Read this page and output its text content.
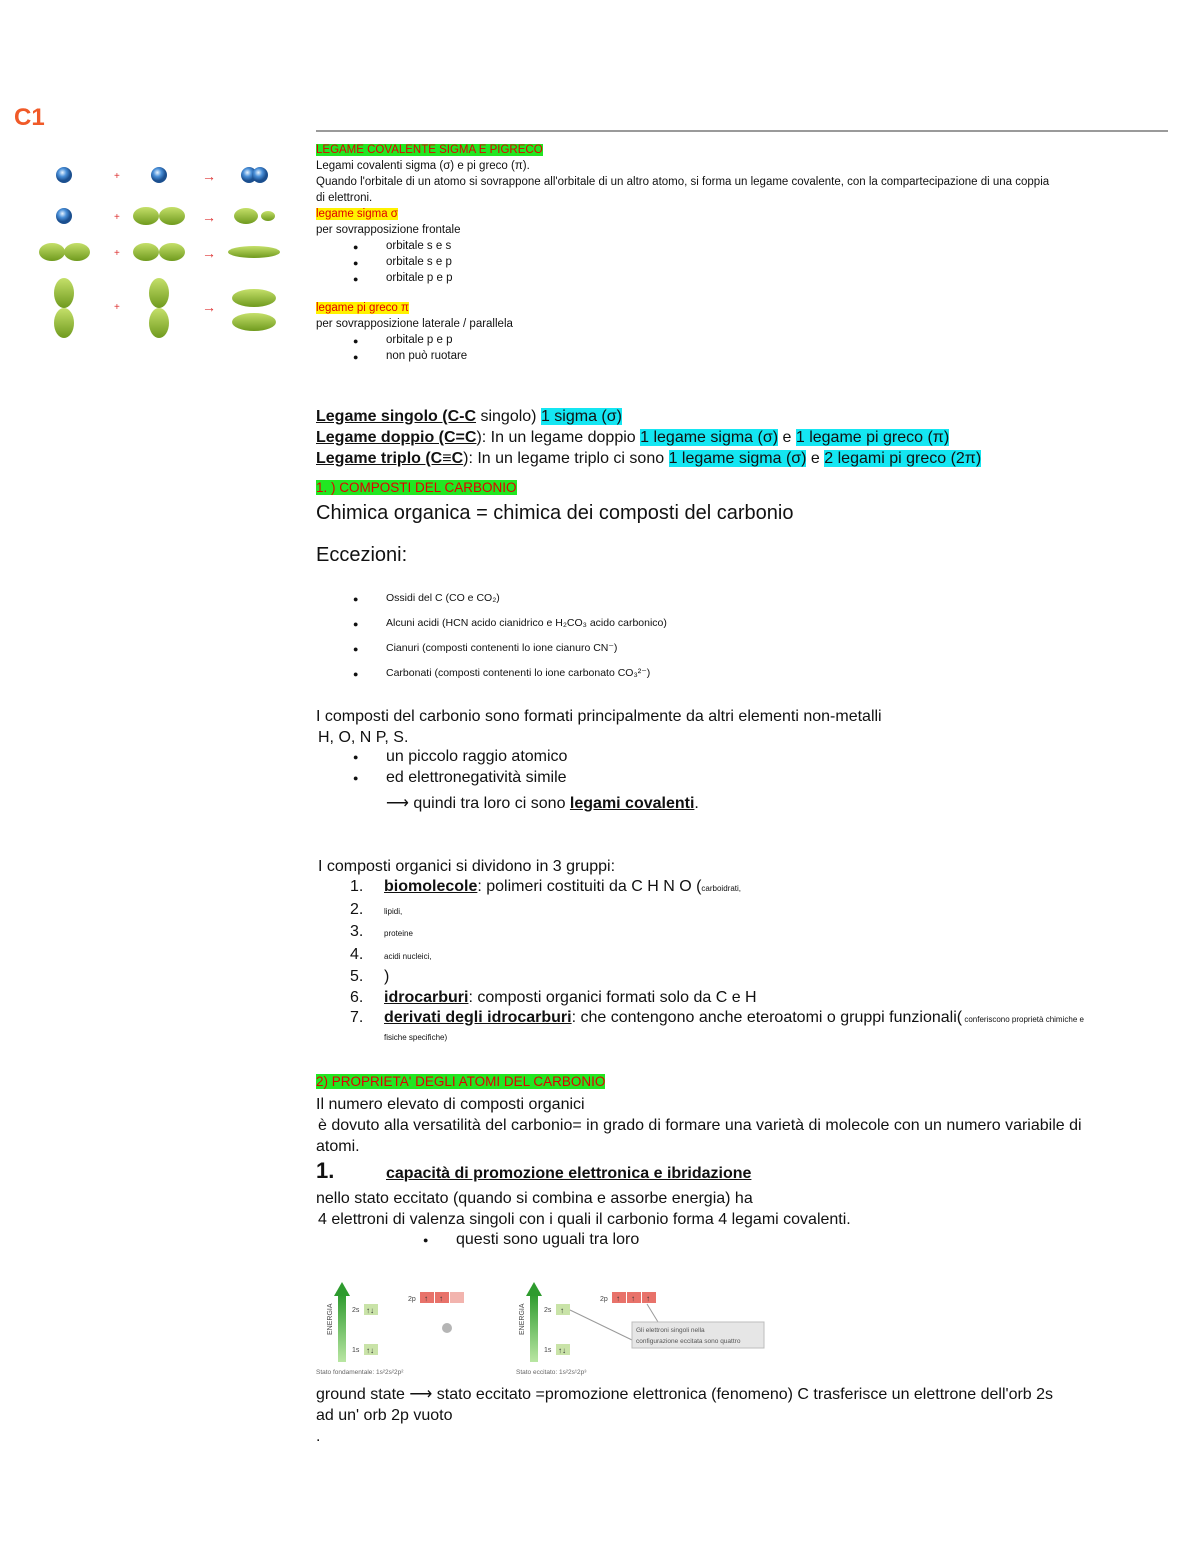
C1
+	→
+	→
+	→
+	→
LEGAME COVALENTE SIGMA E PIGRECO
Legami covalenti sigma (σ) e pi greco (π).
Quando l'orbitale di un atomo si sovrappone all'orbitale di un altro atomo, si forma un legame covalente, con la compartecipazione di una coppia
di elettroni.
legame sigma σ
per sovrapposizione frontale
● orbitale s e s
● orbitale s e p
● orbitale p e p
legame pi greco π
per sovrapposizione laterale / parallela
● orbitale p e p
● non può ruotare
Legame singolo (C-C singolo) 1 sigma (σ)
Legame doppio (C=C): In un legame doppio 1 legame sigma (σ) e 1 legame pi greco (π)
Legame triplo (C≡C): In un legame triplo ci sono 1 legame sigma (σ) e 2 legami pi greco (2π)
1. ) COMPOSTI DEL CARBONIO
Chimica organica = chimica dei composti del carbonio
Eccezioni:
● Ossidi del C (CO e CO₂)
● Alcuni acidi (HCN acido cianidrico e H₂CO₃ acido carbonico)
● Cianuri (composti contenenti lo ione cianuro CN⁻)
● Carbonati (composti contenenti lo ione carbonato CO₃²⁻)
I composti del carbonio sono formati principalmente da altri elementi non-metalli
H, O, N P, S.
● un piccolo raggio atomico
● ed elettronegatività simile
⟶ quindi tra loro ci sono legami covalenti.
I composti organici si dividono in 3 gruppi:
1. biomolecole: polimeri costituiti da C H N O (carboidrati,
2.	lipidi,
3.	proteine
4.	acidi nucleici,
5. )
6. idrocarburi: composti organici formati solo da C e H
7. derivati degli idrocarburi: che contengono anche eteroatomi o gruppi funzionali( conferiscono proprietà chimiche e
fisiche specifiche)
2) PROPRIETA' DEGLI ATOMI DEL CARBONIO
Il numero elevato di composti organici
è dovuto alla versatilità del carbonio= in grado di formare una varietà di molecole con un numero variabile di
atomi.
1.	capacità di promozione elettronica e ibridazione
nello stato eccitato (quando si combina e assorbe energia) ha
4 elettroni di valenza singoli con i quali il carbonio forma 4 legami covalenti.
● questi sono uguali tra loro
ENERGIA	2s ↑↓
1s ↑↓
2p ↑ ↑
Stato fondamentale: 1s²2s²2p²
ENERGIA	2s ↑
1s ↑↓
2p ↑ ↑ ↑
Gli elettroni singoli nella
configurazione eccitata sono quattro
Stato eccitato: 1s²2s¹2p³
ground state ⟶ stato eccitato =promozione elettronica (fenomeno) C trasferisce un elettrone dell'orb 2s
ad un' orb 2p vuoto
.
